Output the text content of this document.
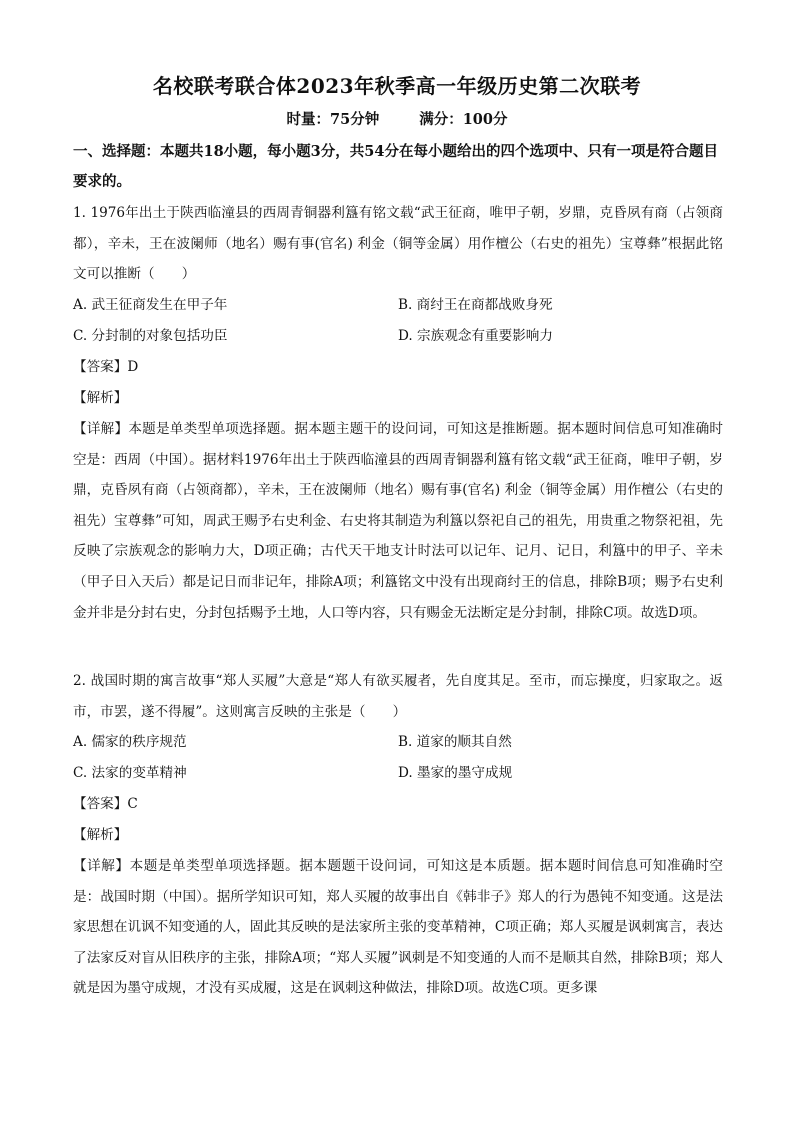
名校联考联合体2023年秋季高一年级历史第二次联考
时量：75分钟	满分：100分
一、选择题：本题共18小题，每小题3分，共54分在每小题给出的四个选项中、只有一项是符合题目要求的。
1. 1976年出土于陕西临潼县的西周青铜器利簋有铭文载“武王征商，唯甲子朝，岁鼎，克昏夙有商（占领商都），辛未，王在波阑师（地名）赐有事(官名) 利金（铜等金属）用作檀公（右史的祖先）宝尊彝”根据此铭文可以推断（　　）
A. 武王征商发生在甲子年	B. 商纣王在商都战败身死
C. 分封制的对象包括功臣	D. 宗族观念有重要影响力
【答案】D
【解析】
【详解】本题是单类型单项选择题。据本题主题干的设问词，可知这是推断题。据本题时间信息可知准确时空是：西周（中国）。据材料1976年出土于陕西临潼县的西周青铜器利簋有铭文载“武王征商，唯甲子朝，岁鼎，克昏夙有商（占领商都），辛未，王在波阑师（地名）赐有事(官名) 利金（铜等金属）用作檀公（右史的祖先）宝尊彝”可知，周武王赐予右史利金、右史将其制造为利簋以祭祀自己的祖先，用贵重之物祭祀祖，先反映了宗族观念的影响力大，D项正确；古代天干地支计时法可以记年、记月、记日，利簋中的甲子、辛未（甲子日入天后）都是记日而非记年，排除A项；利簋铭文中没有出现商纣王的信息，排除B项；赐予右史利金并非是分封右史，分封包括赐予土地，人口等内容，只有赐金无法断定是分封制，排除C项。故选D项。
2. 战国时期的寓言故事“郑人买履”大意是“郑人有欲买履者，先自度其足。至市，而忘操度，归家取之。返市，市罢，遂不得履”。这则寓言反映的主张是（　　）
A. 儒家的秩序规范	B. 道家的顺其自然
C. 法家的变革精神	D. 墨家的墨守成规
【答案】C
【解析】
【详解】本题是单类型单项选择题。据本题题干设问词，可知这是本质题。据本题时间信息可知准确时空是：战国时期（中国）。据所学知识可知，郑人买履的故事出自《韩非子》郑人的行为愚钝不知变通。这是法家思想在讥讽不知变通的人，固此其反映的是法家所主张的变革精神，C项正确；郑人买履是讽刺寓言，表达了法家反对盲从旧秩序的主张，排除A项；“郑人买履”讽刺是不知变通的人而不是顺其自然，排除B项；郑人就是因为墨守成规，才没有买成履，这是在讽刺这种做法，排除D项。故选C项。更多课
